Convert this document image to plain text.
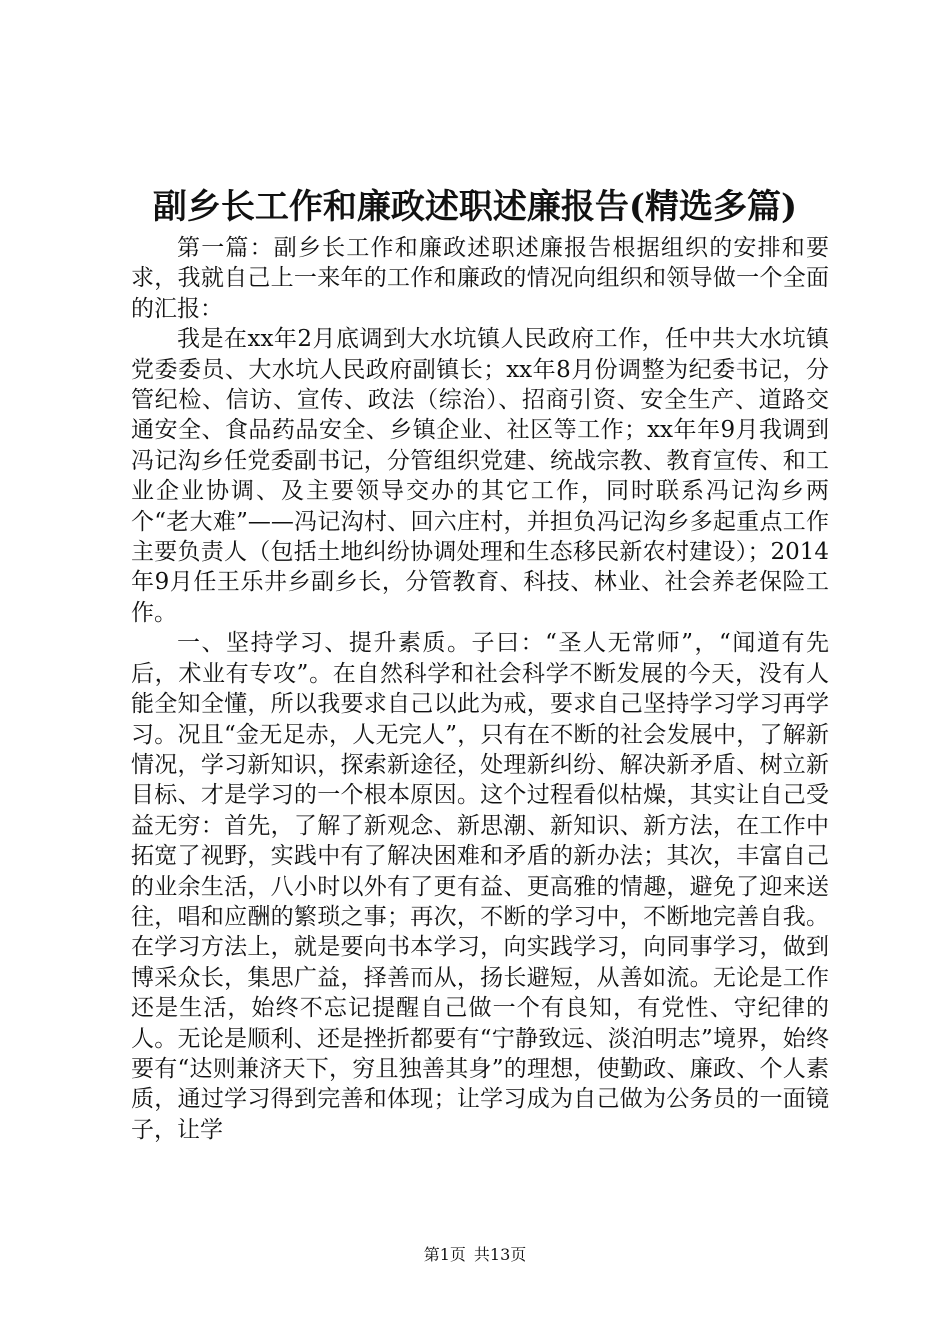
副乡长工作和廉政述职述廉报告(精选多篇)

第一篇：副乡长工作和廉政述职述廉报告根据组织的安排和要求，我就自己上一来年的工作和廉政的情况向组织和领导做一个全面的汇报：

我是在xx年2月底调到大水坑镇人民政府工作，任中共大水坑镇党委委员、大水坑人民政府副镇长；xx年8月份调整为纪委书记，分管纪检、信访、宣传、政法（综治）、招商引资、安全生产、道路交通安全、食品药品安全、乡镇企业、社区等工作；xx年年9月我调到冯记沟乡任党委副书记，分管组织党建、统战宗教、教育宣传、和工业企业协调、及主要领导交办的其它工作，同时联系冯记沟乡两个“老大难”——冯记沟村、回六庄村，并担负冯记沟乡多起重点工作主要负责人（包括土地纠纷协调处理和生态移民新农村建设）；2014年9月任王乐井乡副乡长，分管教育、科技、林业、社会养老保险工作。

一、坚持学习、提升素质。子曰：“圣人无常师”，“闻道有先后，术业有专攻”。在自然科学和社会科学不断发展的今天，没有人能全知全懂，所以我要求自己以此为戒，要求自己坚持学习学习再学习。况且“金无足赤，人无完人”，只有在不断的社会发展中，了解新情况，学习新知识，探索新途径，处理新纠纷、解决新矛盾、树立新目标、才是学习的一个根本原因。这个过程看似枯燥，其实让自己受益无穷：首先，了解了新观念、新思潮、新知识、新方法，在工作中拓宽了视野，实践中有了解决困难和矛盾的新办法；其次，丰富自己的业余生活，八小时以外有了更有益、更高雅的情趣，避免了迎来送往，唱和应酬的繁琐之事；再次，不断的学习中，不断地完善自我。在学习方法上，就是要向书本学习，向实践学习，向同事学习，做到博采众长，集思广益，择善而从，扬长避短，从善如流。无论是工作还是生活，始终不忘记提醒自己做一个有良知，有党性、守纪律的人。无论是顺利、还是挫折都要有“宁静致远、淡泊明志”境界，始终要有“达则兼济天下，穷且独善其身”的理想，使勤政、廉政、个人素质，通过学习得到完善和体现；让学习成为自己做为公务员的一面镜子，让学

第1页 共13页
